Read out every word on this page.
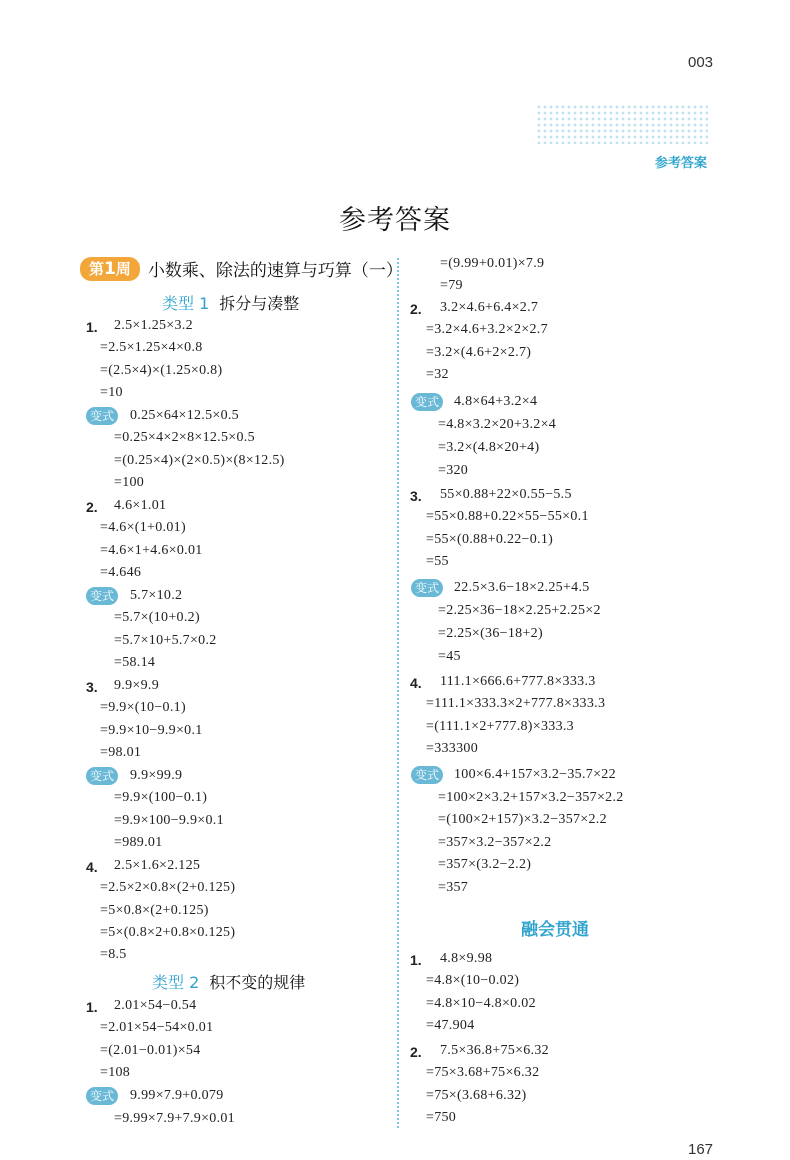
003
参考答案
参考答案
第1周	小数乘、除法的速算与巧算（一）
类型 1 拆分与凑整
类型 2 积不变的规律
融会贯通
1. 2.5×1.25×3.2
=2.5×1.25×4×0.8
=(2.5×4)×(1.25×0.8)
=10
变式 0.25×64×12.5×0.5
=0.25×4×2×8×12.5×0.5
=(0.25×4)×(2×0.5)×(8×12.5)
=100
2. 4.6×1.01
=4.6×(1+0.01)
=4.6×1+4.6×0.01
=4.646
变式 5.7×10.2
=5.7×(10+0.2)
=5.7×10+5.7×0.2
=58.14
3. 9.9×9.9
=9.9×(10−0.1)
=9.9×10−9.9×0.1
=98.01
变式 9.9×99.9
=9.9×(100−0.1)
=9.9×100−9.9×0.1
=989.01
4. 2.5×1.6×2.125
=2.5×2×0.8×(2+0.125)
=5×0.8×(2+0.125)
=5×(0.8×2+0.8×0.125)
=8.5
1. 2.01×54−0.54
=2.01×54−54×0.01
=(2.01−0.01)×54
=108
变式 9.99×7.9+0.079
=9.99×7.9+7.9×0.01
=(9.99+0.01)×7.9
=79
2. 3.2×4.6+6.4×2.7
=3.2×4.6+3.2×2×2.7
=3.2×(4.6+2×2.7)
=32
变式 4.8×64+3.2×4
=4.8×3.2×20+3.2×4
=3.2×(4.8×20+4)
=320
3. 55×0.88+22×0.55−5.5
=55×0.88+0.22×55−55×0.1
=55×(0.88+0.22−0.1)
=55
变式 22.5×3.6−18×2.25+4.5
=2.25×36−18×2.25+2.25×2
=2.25×(36−18+2)
=45
4. 111.1×666.6+777.8×333.3
=111.1×333.3×2+777.8×333.3
=(111.1×2+777.8)×333.3
=333300
变式 100×6.4+157×3.2−35.7×22
=100×2×3.2+157×3.2−357×2.2
=(100×2+157)×3.2−357×2.2
=357×3.2−357×2.2
=357×(3.2−2.2)
=357
1. 4.8×9.98
=4.8×(10−0.02)
=4.8×10−4.8×0.02
=47.904
2. 7.5×36.8+75×6.32
=75×3.68+75×6.32
=75×(3.68+6.32)
=750
167
